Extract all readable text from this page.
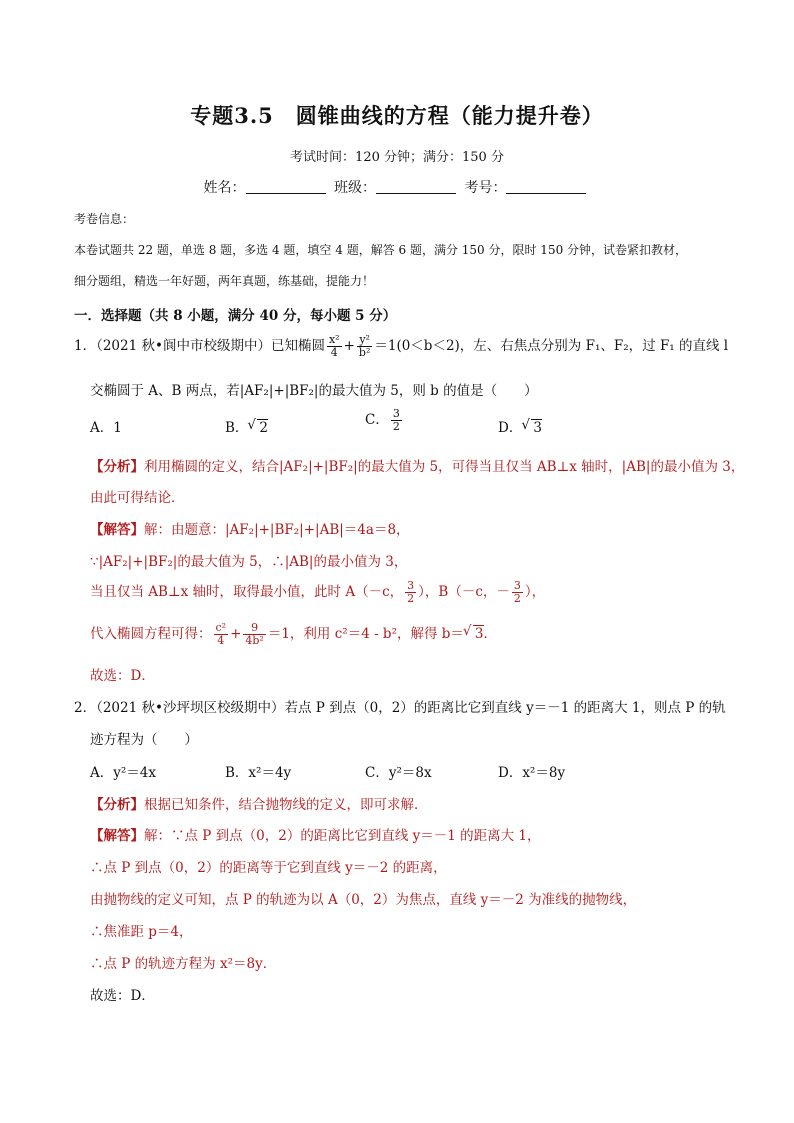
专题3.5　圆锥曲线的方程（能力提升卷）
考试时间：120 分钟；满分：150 分
姓名：	班级：	考号：
考卷信息：
本卷试题共 22 题，单选 8 题，多选 4 题，填空 4 题，解答 6 题，满分 150 分，限时 150 分钟，试卷紧扣教材，
细分题组，精选一年好题，两年真题，练基础，提能力！
一．选择题（共 8 小题，满分 40 分，每小题 5 分）
1．（2021 秋•阆中市校级期中）已知椭圆 $\frac{\text{x²}}{4} + \frac{\text{y²}}{\text{b²}} =1(0<b<2)$，左、右焦点分别为 F₁、F₂，过 F₁ 的直线 l
交椭圆于 A、B 两点，若|AF₂|+|BF₂|的最大值为 5，则 b 的值是（　　）
A．1	B． √ 2	C． $\frac{3}{2}$	D． √ 3
【分析】利用椭圆的定义，结合|AF₂|+|BF₂|的最大值为 5，可得当且仅当 AB⊥x 轴时，|AB|的最小值为 3，
由此可得结论．
【解答】解：由题意：|AF₂|+|BF₂|+|AB|＝4a＝8，
∵|AF₂|+|BF₂|的最大值为 5，∴|AB|的最小值为 3，
当且仅当 AB⊥x 轴时，取得最小值，此时 A（－c， $\frac{3}{2}$ ），B（－c，－ $\frac{3}{2}$ ），
代入椭圆方程可得： $\frac{\text{c²}}{4} + \frac{9}{\text{4b²}} =1$，利用 c²＝4 - b²，解得 b＝ √ 3．
故选：D．
2．（2021 秋•沙坪坝区校级期中）若点 P 到点（0，2）的距离比它到直线 y＝－1 的距离大 1，则点 P 的轨
迹方程为（　　）
A．y²＝4x	B．x²＝4y	C．y²＝8x	D．x²＝8y
【分析】根据已知条件，结合抛物线的定义，即可求解．
【解答】解：∵点 P 到点（0，2）的距离比它到直线 y＝－1 的距离大 1，
∴点 P 到点（0，2）的距离等于它到直线 y＝－2 的距离，
由抛物线的定义可知，点 P 的轨迹为以 A（0，2）为焦点，直线 y＝－2 为准线的抛物线，
∴焦准距 p＝4，
∴点 P 的轨迹方程为 x²＝8y．
故选：D．
